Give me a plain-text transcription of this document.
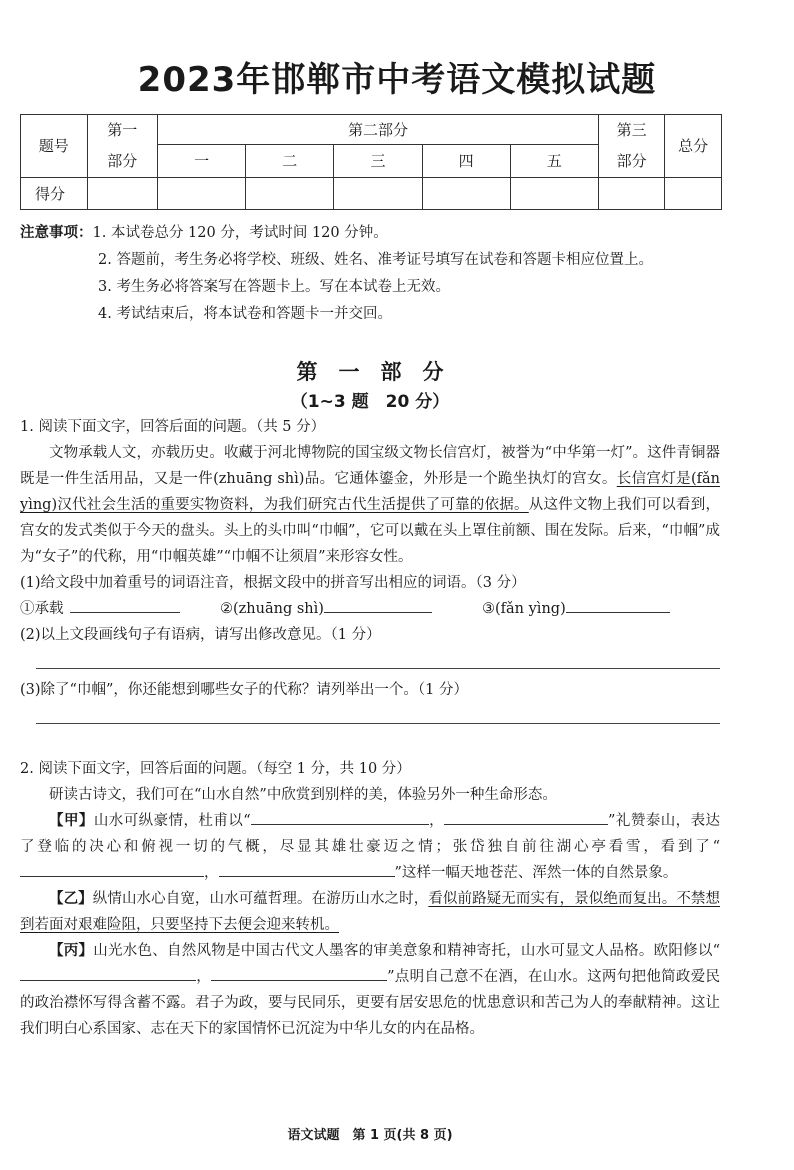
2023年邯郸市中考语文模拟试题
题号	第一	第二部分					第三	总分
	部分	一	二	三	四	五	部分	
得分								
注意事项：1. 本试卷总分 120 分，考试时间 120 分钟。
2. 答题前，考生务必将学校、班级、姓名、准考证号填写在试卷和答题卡相应位置上。
3. 考生务必将答案写在答题卡上。写在本试卷上无效。
4. 考试结束后，将本试卷和答题卡一并交回。
第　一　部　分
（1~3 题　20 分）
1. 阅读下面文字，回答后面的问题。（共 5 分）
文物承载人文，亦载历史。收藏于河北博物院的国宝级文物长信宫灯，被誉为“中华第一灯”。这件青铜器既是一件生活用品，又是一件(zhuāng shì)品。它通体鎏金，外形是一个跪坐执灯的宫女。长信宫灯是(fǎn yìng)汉代社会生活的重要实物资料，为我们研究古代生活提供了可靠的依据。从这件文物上我们可以看到，宫女的发式类似于今天的盘头。头上的头巾叫“巾帼”，它可以戴在头上罩住前额、围在发际。后来，“巾帼”成为“女子”的代称，用“巾帼英雄”“巾帼不让须眉”来形容女性。
(1)给文段中加着重号的词语注音，根据文段中的拼音写出相应的词语。（3 分）
①承载	②(zhuāng shì)	③(fǎn yìng)
(2)以上文段画线句子有语病，请写出修改意见。（1 分）
(3)除了“巾帼”，你还能想到哪些女子的代称？请列举出一个。（1 分）
2. 阅读下面文字，回答后面的问题。（每空 1 分，共 10 分）
研读古诗文，我们可在“山水自然”中欣赏到别样的美，体验另外一种生命形态。
【甲】山水可纵豪情，杜甫以“	，	”礼赞泰山，表达了登临的决心和俯视一切的气概，尽显其雄壮豪迈之情；张岱独自前往湖心亭看雪，看到了“，	”这样一幅天地苍茫、浑然一体的自然景象。
【乙】纵情山水心自宽，山水可蕴哲理。在游历山水之时，看似前路疑无而实有，景似绝而复出。不禁想到若面对艰难险阻，只要坚持下去便会迎来转机。
【丙】山光水色、自然风物是中国古代文人墨客的审美意象和精神寄托，山水可显文人品格。欧阳修以“，	”点明自己意不在酒，在山水。这两句把他简政爱民的政治襟怀写得含蓄不露。君子为政，要与民同乐，更要有居安思危的忧患意识和苦己为人的奉献精神。这让我们明白心系国家、志在天下的家国情怀已沉淀为中华儿女的内在品格。
语文试题　第 1 页(共 8 页)
